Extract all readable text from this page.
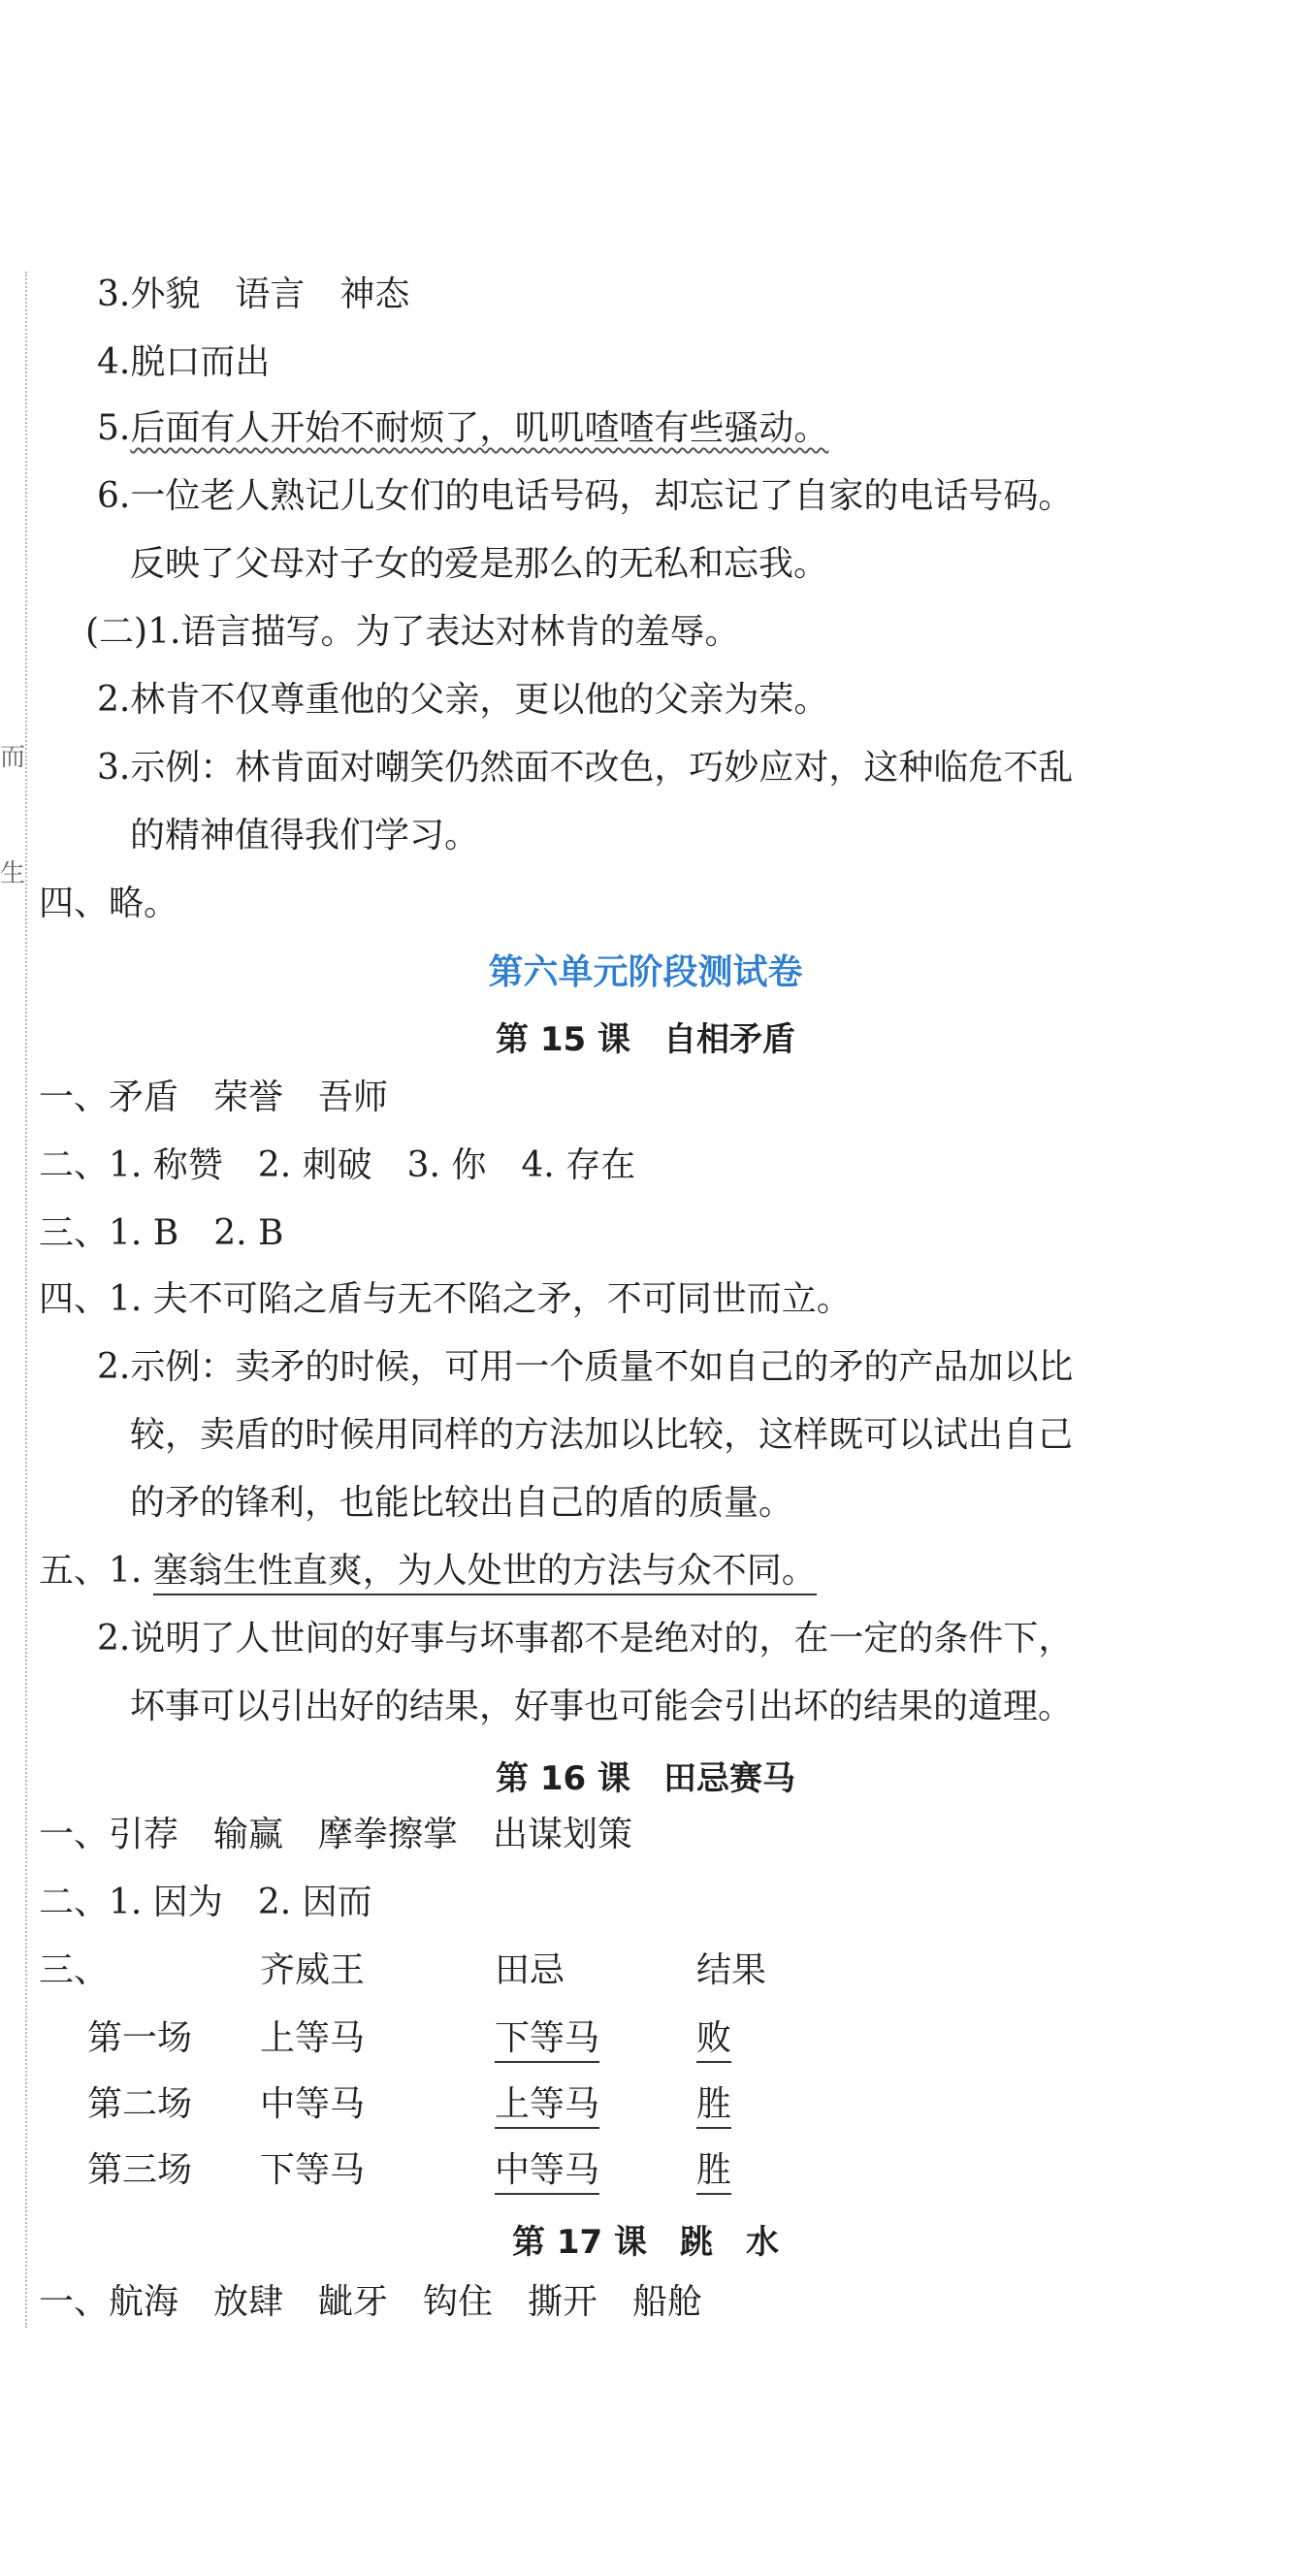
而
生
3.外貌　语言　神态
4.脱口而出
5.后面有人开始不耐烦了，叽叽喳喳有些骚动。
6.一位老人熟记儿女们的电话号码，却忘记了自家的电话号码。
反映了父母对子女的爱是那么的无私和忘我。
(二)1.语言描写。为了表达对林肯的羞辱。
2.林肯不仅尊重他的父亲，更以他的父亲为荣。
3.示例：林肯面对嘲笑仍然面不改色，巧妙应对，这种临危不乱
的精神值得我们学习。
四、略。
第六单元阶段测试卷
第 15 课　自相矛盾
一、矛盾　荣誉　吾师
二、1. 称赞　2. 刺破　3. 你　4. 存在
三、1. B　2. B
四、1. 夫不可陷之盾与无不陷之矛，不可同世而立。
2.示例：卖矛的时候，可用一个质量不如自己的矛的产品加以比
较，卖盾的时候用同样的方法加以比较，这样既可以试出自己
的矛的锋利，也能比较出自己的盾的质量。
五、1. 塞翁生性直爽，为人处世的方法与众不同。
2.说明了人世间的好事与坏事都不是绝对的，在一定的条件下，
坏事可以引出好的结果，好事也可能会引出坏的结果的道理。
第 16 课　田忌赛马
一、引荐　输赢　摩拳擦掌　出谋划策
二、1. 因为　2. 因而
三、	齐威王	田忌	结果
第一场 上等马	下等马	败
第二场 中等马	上等马	胜
第三场 下等马	中等马	胜
第 17 课　跳　水
一、航海　放肆　龇牙　钩住　撕开　船舱
